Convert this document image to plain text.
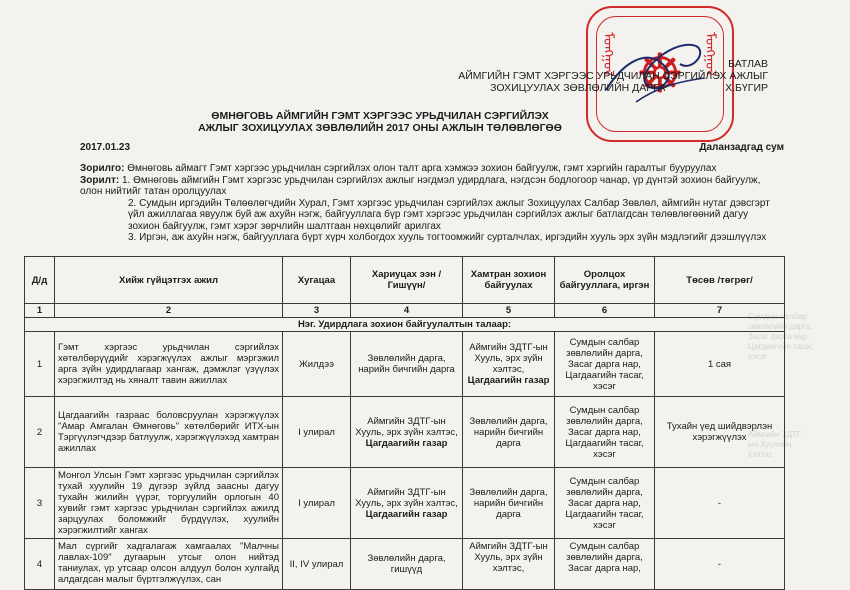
Сумдын салбар
зөвлөлийн дарга,
Засаг дарга нар,
Цагдаагийн тасаг,
хэсэг
Аймгийн ЗДТГ-
ын Хуулийн
хэлтэс
ᠮᠣᠩᠭᠣᠯ ☸ ᠮᠣᠩᠭᠣᠯ БАТЛАВ
АЙМГИЙН ГЭМТ ХЭРГЭЭС УРЬДЧИЛАН СЭРГИЙЛЭХ АЖЛЫГ
ЗОХИЦУУЛАХ ЗӨВЛӨЛИЙН ДАРГА	Х.БҮГИР
ӨМНӨГОВЬ АЙМГИЙН ГЭМТ ХЭРГЭЭС УРЬДЧИЛАН СЭРГИЙЛЭХ
АЖЛЫГ ЗОХИЦУУЛАХ ЗӨВЛӨЛИЙН 2017 ОНЫ АЖЛЫН ТӨЛӨВЛӨГӨӨ
2017.01.23	Даланзадгад сум

Зорилго: Өмнөговь аймагт Гэмт хэргээс урьдчилан сэргийлэх олон талт арга хэмжээ зохион байгуулж, гэмт хэргийн гаралтыг бууруулах

Зорилт: 1. Өмнөговь аймгийн Гэмт хэргээс урьдчилан сэргийлэх ажлыг нэгдмэл удирдлага, нэгдсэн бодлогоор чанар, үр дүнтэй зохион байгуулж, олон нийтийг татан оролцуулах

2. Сумдын иргэдийн Төлөөлөгчдийн Хурал, Гэмт хэргээс урьдчилан сэргийлэх ажлыг Зохицуулах Салбар Зөвлөл, аймгийн нутаг дэвсгэрт үйл ажиллагаа явуулж буй аж ахуйн нэгж, байгууллага бүр гэмт хэргээс урьдчилан сэргийлэх ажлыг батлагдсан төлөвлөгөөний дагуу зохион байгуулж, гэмт хэрэг зөрчлийн шалтгаан нөхцөлийг арилгах

3. Иргэн, аж ахуйн нэгж, байгууллага бүрт хүрч холбогдох хууль тогтоомжийг сурталчлах, иргэдийн хууль эрх зүйн мэдлэгийг дээшлүүлэх

Д/д	Хийж гүйцэтгэх ажил	Хугацаа	Хариуцах ээн /Гишүүн/	Хамтран зохион байгуулах	Оролцох байгууллага, иргэн	Төсөв /төгрөг/
1	2	3	4	5	6	7
Нэг. Удирдлага зохион байгуулалтын талаар:						
1	Гэмт хэргээс урьдчилан сэргийлэх хөтөлбөрүүдийг хэрэгжүүлэх ажлыг мэргэжил арга зүйн удирдлагаар хангаж, дэмжлэг үзүүлэх хэрэгжилтэд нь хяналт тавин ажиллах	Жилдээ	Зөвлөлийн дарга, нарийн бичгийн дарга	Аймгийн ЗДТГ-ын Хууль, эрх зүйн хэлтэс, Цагдаагийн газар	Сумдын салбар зөвлөлийн дарга, Засаг дарга нар, Цагдаагийн тасаг, хэсэг	1 сая
2	Цагдаагийн газраас боловсруулан хэрэгжүүлэх "Амар Амгалан Өмнөговь" хөтөлбөрийг ИТХ-ын Тэргүүлэгчдээр батлуулж, хэрэгжүүлэхэд хамтран ажиллах	I улирал	Аймгийн ЗДТГ-ын Хууль, эрх зүйн хэлтэс, Цагдаагийн газар	Зөвлөлийн дарга, нарийн бичгийн дарга	Сумдын салбар зөвлөлийн дарга, Засаг дарга нар, Цагдаагийн тасаг, хэсэг	Тухайн үед шийдвэрлэн хэрэгжүүлэх
3	Монгол Улсын Гэмт хэргээс урьдчилан сэргийлэх тухай хуулийн 19 дүгээр зүйлд заасны дагуу тухайн жилийн үүрэг, торгуулийн орлогын 40 хувийг гэмт хэргээс урьдчилан сэргийлэх ажилд зарцуулах боломжийг бүрдүүлэх, хуулийн хэрэгжилтийг хангах	I улирал	Аймгийн ЗДТГ-ын Хууль, эрх зүйн хэлтэс, Цагдаагийн газар	Зөвлөлийн дарга, нарийн бичгийн дарга	Сумдын салбар зөвлөлийн дарга, Засаг дарга нар, Цагдаагийн тасаг, хэсэг	-
4	Мал сүргийг хадгалагаж хамгаалах "Малчны лавлах-109" дугаарын утсыг олон нийтэд таниулах, үр утсаар олсон алдуул болон хулгайд алдагдсан малыг бүртгэлжүүлэх, сан	II, IV улирал	Зөвлөлийн дарга, гишүүд	Аймгийн ЗДТГ-ын Хууль, эрх зүйн хэлтэс,	Сумдын салбар зөвлөлийн дарга, Засаг дарга нар,	-
